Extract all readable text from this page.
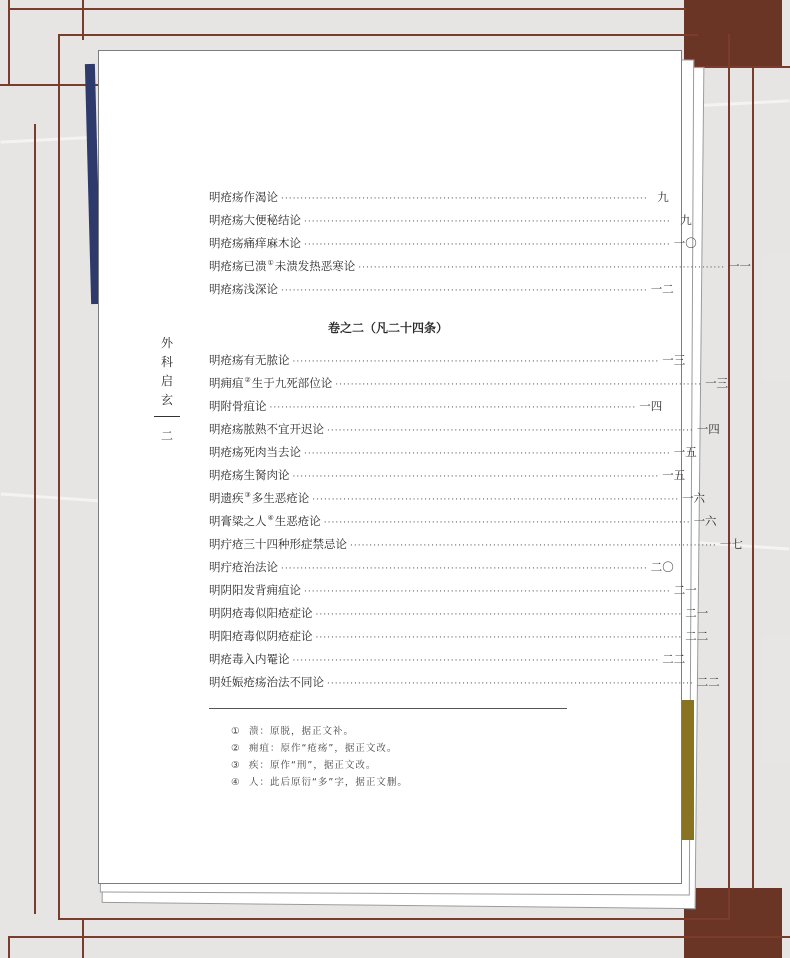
外
科
启
玄
二
明疮疡作渴论 ······························································································· 九
明疮疡大便秘结论 ······························································································· 九
明疮疡痛痒麻木论 ······························································································· 一〇
明疮疡已溃①未溃发热恶寒论 ······························································································· 一一
明疮疡浅深论 ······························································································· 一二
卷之二（凡二十四条）
明疮疡有无脓论 ······························································································· 一三
明痈疽②生于九死部位论 ······························································································· 一三
明附骨疽论 ······························································································· 一四
明疮疡脓熟不宜开迟论 ······························································································· 一四
明疮疡死肉当去论 ······························································································· 一五
明疮疡生胬肉论 ······························································································· 一五
明遗疾③多生恶疮论 ······························································································· 一六
明膏粱之人④生恶疮论 ······························································································· 一六
明疔疮三十四种形症禁忌论 ······························································································· 一七
明疔疮治法论 ······························································································· 二〇
明阴阳发背痈疽论 ······························································································· 二一
明阴疮毒似阳疮症论 ······························································································· 二一
明阳疮毒似阴疮症论 ······························································································· 二二
明疮毒入内罨论 ······························································································· 二二
明妊娠疮疡治法不同论 ······························································································· 二二
① 溃：原脱，据正文补。
② 痈疽：原作“疮疡”，据正文改。
③ 疾：原作“刑”，据正文改。
④ 人：此后原衍“多”字，据正文删。
